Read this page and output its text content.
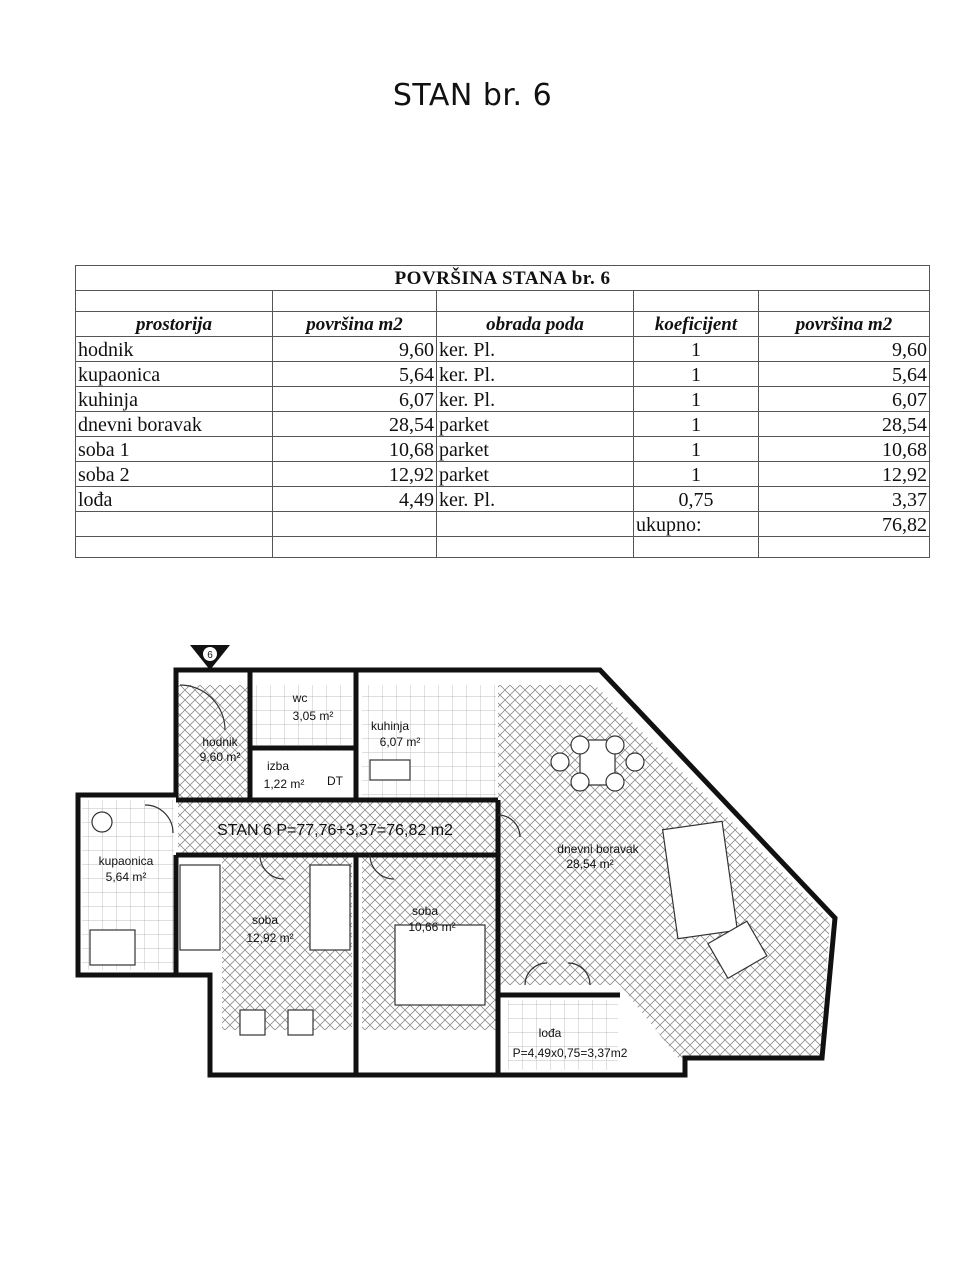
STAN br. 6
POVRŠINA STANA br. 6				

prostorija	površina m2	obrada poda	koeficijent	površina m2
hodnik	9,60	ker. Pl.	1	9,60
kupaonica	5,64	ker. Pl.	1	5,64
kuhinja	6,07	ker. Pl.	1	6,07
dnevni boravak	28,54	parket	1	28,54
soba 1	10,68	parket	1	10,68
soba 2	12,92	parket	1	12,92
lođa	4,49	ker. Pl.	0,75	3,37
			ukupno:	76,82

6
wc
3,05 m²
kuhinja
6,07 m²
hodnik
9,60 m²
izba
1,22 m² DT
kupaonica
5,64 m²
dnevni boravak
28,54 m²
soba
12,92 m²
soba
10,66 m²
lođa
P=4,49x0,75=3,37m2
STAN 6 P=77,76+3,37=76,82 m2
